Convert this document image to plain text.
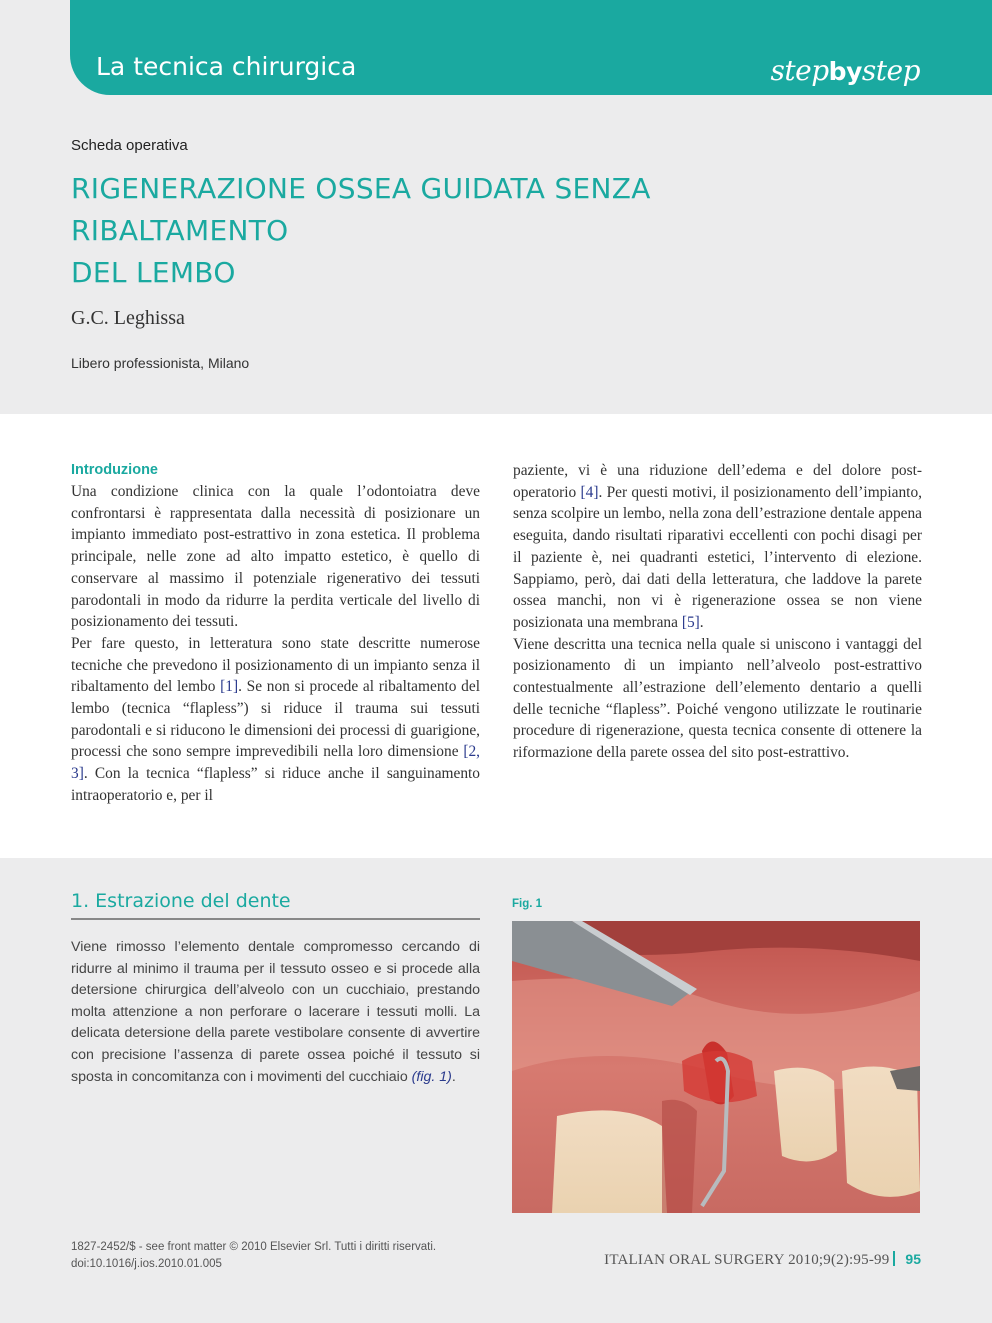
La tecnica chirurgica	stepbystep
Scheda operativa
RIGENERAZIONE OSSEA GUIDATA SENZA RIBALTAMENTO
DEL LEMBO
G.C. Leghissa
Libero professionista, Milano
Introduzione

Una condizione clinica con la quale l’odontoiatra deve confrontarsi è rappresentata dalla necessità di posizionare un impianto immediato post-estrattivo in zona estetica. Il problema principale, nelle zone ad alto impatto estetico, è quello di conservare al massimo il potenziale rigenerativo dei tessuti parodontali in modo da ridurre la perdita verticale del livello di posizionamento dei tessuti.

Per fare questo, in letteratura sono state descritte numerose tecniche che prevedono il posizionamento di un impianto senza il ribaltamento del lembo [1]. Se non si procede al ribaltamento del lembo (tecnica “flapless”) si riduce il trauma sui tessuti parodontali e si riducono le dimensioni dei processi di guarigione, processi che sono sempre imprevedibili nella loro dimensione [2, 3]. Con la tecnica “flapless” si riduce anche il sanguinamento intraoperatorio e, per il

paziente, vi è una riduzione dell’edema e del dolore post-operatorio [4]. Per questi motivi, il posizionamento dell’impianto, senza scolpire un lembo, nella zona dell’estrazione dentale appena eseguita, dando risultati riparativi eccellenti con pochi disagi per il paziente è, nei quadranti estetici, l’intervento di elezione. Sappiamo, però, dai dati della letteratura, che laddove la parete ossea manchi, non vi è rigenerazione ossea se non viene posizionata una membrana [5].

Viene descritta una tecnica nella quale si uniscono i vantaggi del posizionamento di un impianto nell’alveolo post-estrattivo contestualmente all’estrazione dell’elemento dentario a quelli delle tecniche “flapless”. Poiché vengono utilizzate le routinarie procedure di rigenerazione, questa tecnica consente di ottenere la riformazione della parete ossea del sito post-estrattivo.

1. Estrazione del dente
Viene rimosso l’elemento dentale compromesso cercando di ridurre al minimo il trauma per il tessuto osseo e si procede alla detersione chirurgica dell’alveolo con un cucchiaio, prestando molta attenzione a non perforare o lacerare i tessuti molli. La delicata detersione della parete vestibolare consente di avvertire con precisione l’assenza di parete ossea poiché il tessuto si sposta in concomitanza con i movimenti del cucchiaio (fig. 1).
Fig. 1
1827-2452/$ - see front matter © 2010 Elsevier Srl. Tutti i diritti riservati.
doi:10.1016/j.ios.2010.01.005	ITALIAN ORAL SURGERY 2010;9(2):95-99 95
